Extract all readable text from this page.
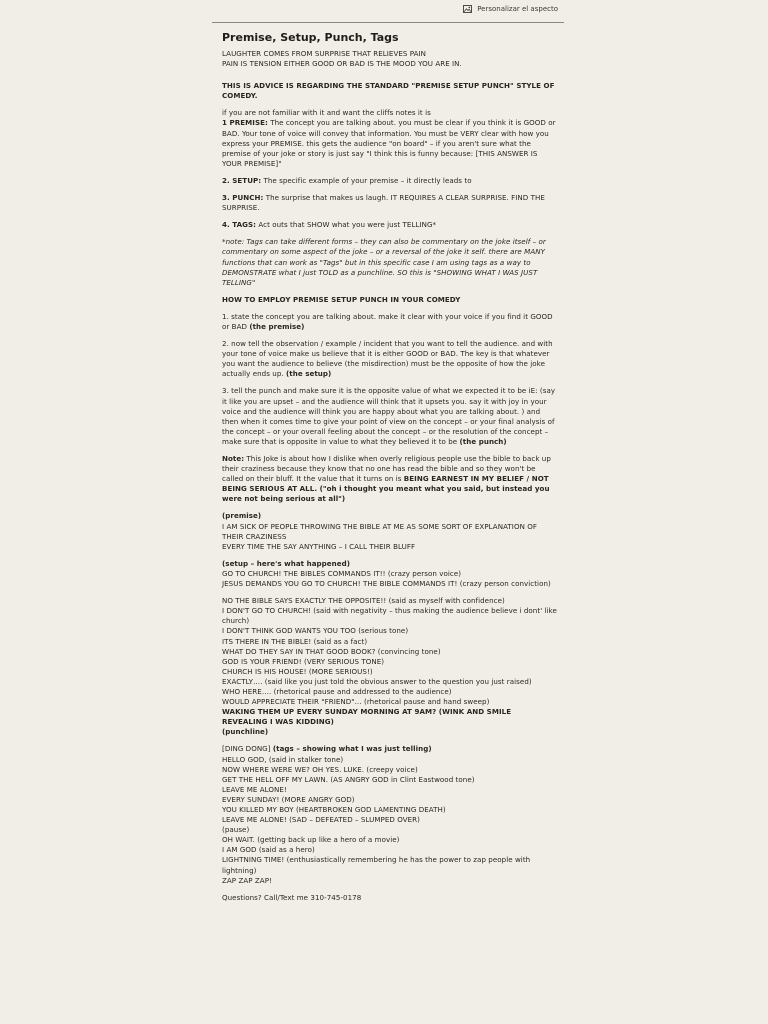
Personalizar el aspecto
Premise, Setup, Punch, Tags

LAUGHTER COMES FROM SURPRISE THAT RELIEVES PAIN
PAIN IS TENSION EITHER GOOD OR BAD IS THE MOOD YOU ARE IN.

THIS IS ADVICE IS REGARDING THE STANDARD "PREMISE SETUP PUNCH" STYLE OF COMEDY.

if you are not familiar with it and want the cliffs notes it is

1 PREMISE: The concept you are talking about. you must be clear if you think it is GOOD or BAD. Your tone of voice will convey that information. You must be VERY clear with how you express your PREMISE. this gets the audience "on board" – if you aren't sure what the premise of your joke or story is just say "I think this is funny because: [THIS ANSWER IS YOUR PREMISE]"

2. SETUP: The specific example of your premise – it directly leads to

3. PUNCH: The surprise that makes us laugh. IT REQUIRES A CLEAR SURPRISE. FIND THE SURPRISE.

4. TAGS: Act outs that SHOW what you were just TELLING*

*note: Tags can take different forms – they can also be commentary on the joke itself – or commentary on some aspect of the joke – or a reversal of the joke it self. there are MANY functions that can work as "Tags" but in this specific case I am using tags as a way to DEMONSTRATE what I just TOLD as a punchline. SO this is "SHOWING WHAT I WAS JUST TELLING"

HOW TO EMPLOY PREMISE SETUP PUNCH IN YOUR COMEDY

1. state the concept you are talking about. make it clear with your voice if you find it GOOD or BAD (the premise)

2. now tell the observation / example / incident that you want to tell the audience. and with your tone of voice make us believe that it is either GOOD or BAD. The key is that whatever you want the audience to believe (the misdirection) must be the opposite of how the joke actually ends up. (the setup)

3. tell the punch and make sure it is the opposite value of what we expected it to be iE: (say it like you are upset – and the audience will think that it upsets you. say it with joy in your voice and the audience will think you are happy about what you are talking about. ) and then when it comes time to give your point of view on the concept – or your final analysis of the concept – or your overall feeling about the concept – or the resolution of the concept – make sure that is opposite in value to what they believed it to be (the punch)

Note: This Joke is about how I dislike when overly religious people use the bible to back up their craziness because they know that no one has read the bible and so they won't be called on their bluff. It the value that it turns on is BEING EARNEST IN MY BELIEF / NOT BEING SERIOUS AT ALL. ("oh i thought you meant what you said, but instead you were not being serious at all")

(premise)

I AM SICK OF PEOPLE THROWING THE BIBLE AT ME AS SOME SORT OF EXPLANATION OF THEIR CRAZINESS
EVERY TIME THE SAY ANYTHING – I CALL THEIR BLUFF

(setup – here's what happened)

GO TO CHURCH! THE BIBLES COMMANDS IT!! (crazy person voice)
JESUS DEMANDS YOU GO TO CHURCH! THE BIBLE COMMANDS IT! (crazy person conviction)

NO THE BIBLE SAYS EXACTLY THE OPPOSITE!! (said as myself with confidence)
I DON'T GO TO CHURCH! (said with negativity – thus making the audience believe i dont' like church)
I DON'T THINK GOD WANTS YOU TOO (serious tone)
ITS THERE IN THE BIBLE! (said as a fact)
WHAT DO THEY SAY IN THAT GOOD BOOK? (convincing tone)
GOD IS YOUR FRIEND! (VERY SERIOUS TONE)
CHURCH IS HIS HOUSE! (MORE SERIOUS!)
EXACTLY…. (said like you just told the obvious answer to the question you just raised)
WHO HERE…. (rhetorical pause and addressed to the audience)
WOULD APPRECIATE THEIR "FRIEND"… (rhetorical pause and hand sweep)

WAKING THEM UP EVERY SUNDAY MORNING AT 9AM? (WINK AND SMILE REVEALING I WAS KIDDING)
(punchline)

[DING DONG] (tags – showing what I was just telling)

HELLO GOD, (said in stalker tone)
NOW WHERE WERE WE? OH YES. LUKE. (creepy voice)
GET THE HELL OFF MY LAWN. (AS ANGRY GOD in Clint Eastwood tone)
LEAVE ME ALONE!
EVERY SUNDAY! (MORE ANGRY GOD)
YOU KILLED MY BOY (HEARTBROKEN GOD LAMENTING DEATH)
LEAVE ME ALONE! (SAD – DEFEATED – SLUMPED OVER)
(pause)
OH WAIT. (getting back up like a hero of a movie)
I AM GOD (said as a hero)
LIGHTNING TIME! (enthusiastically remembering he has the power to zap people with lightning)
ZAP ZAP ZAP!

Questions? Call/Text me 310-745-0178
